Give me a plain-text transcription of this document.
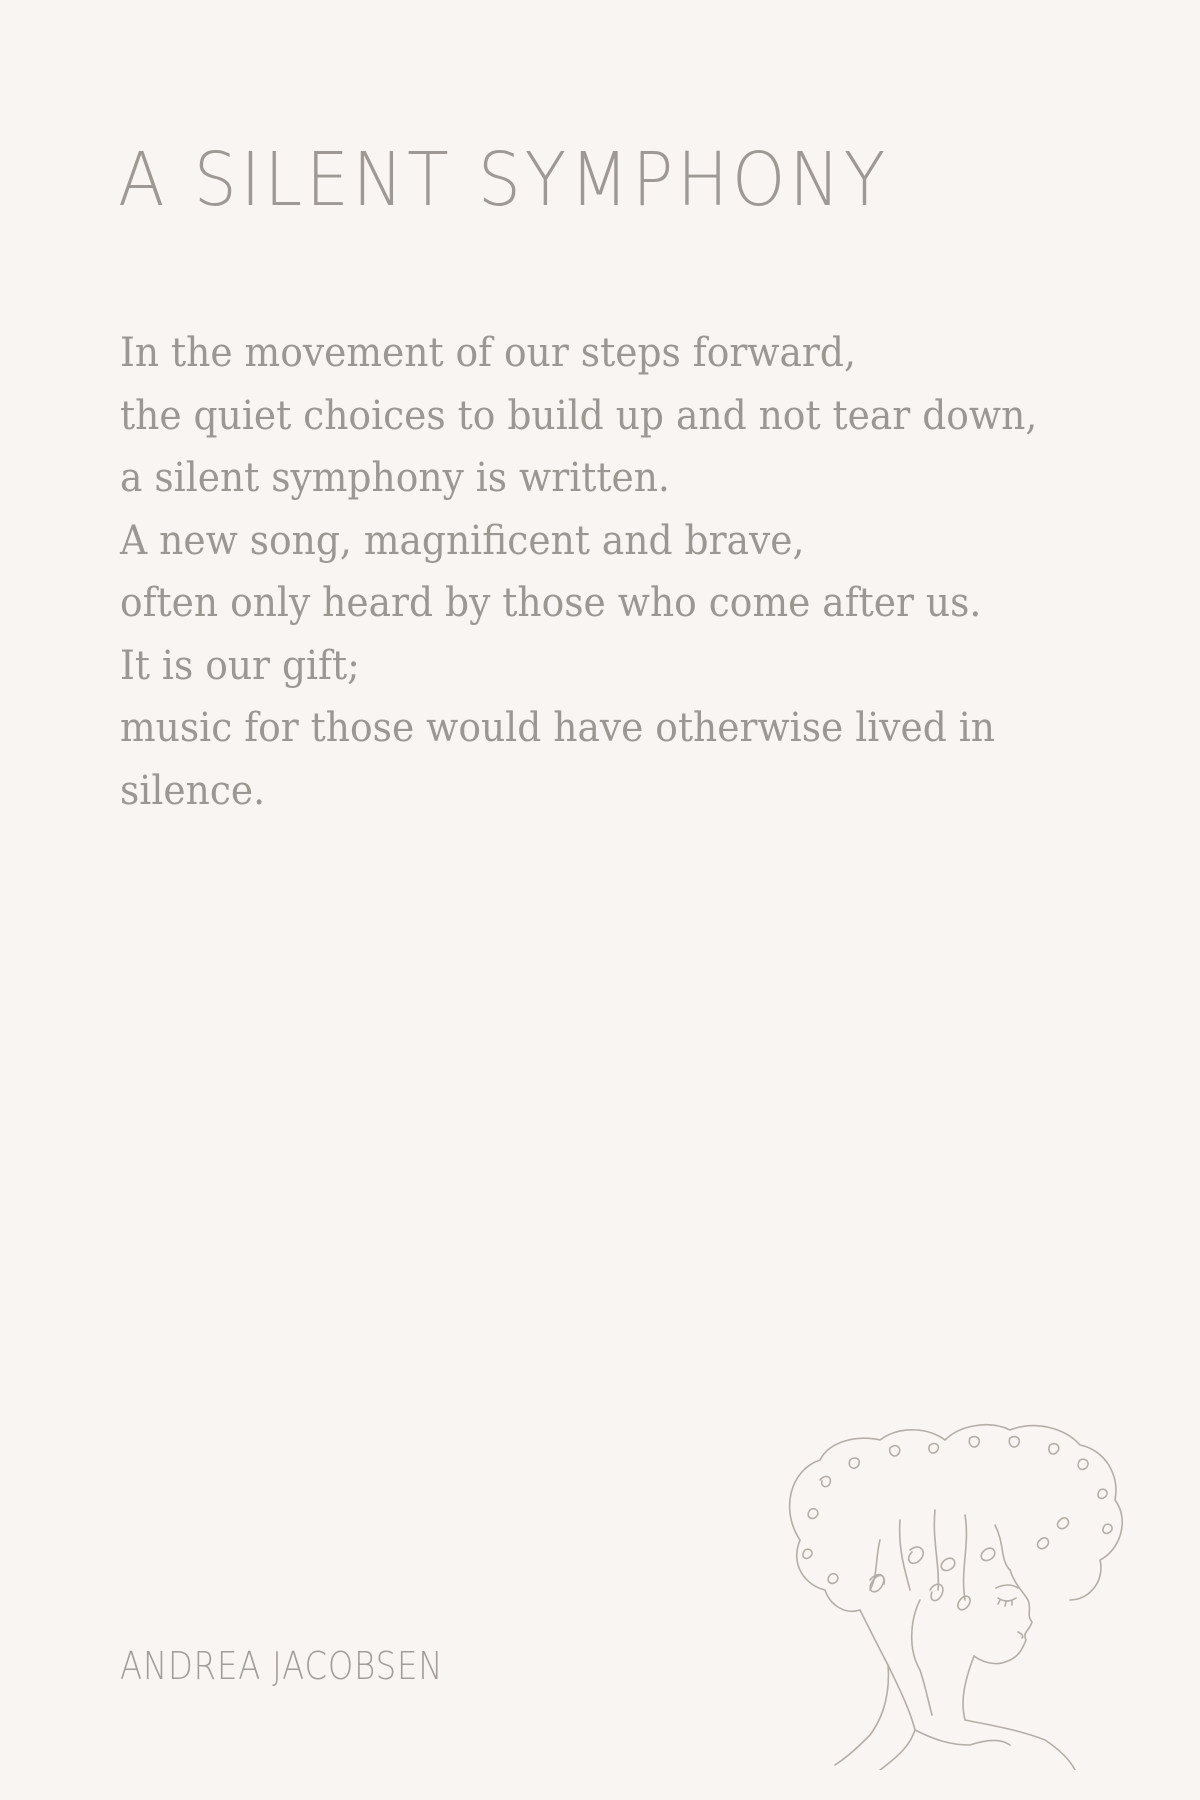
A SILENT SYMPHONY
In the movement of our steps forward,
the quiet choices to build up and not tear down,
a silent symphony is written.
A new song, magnificent and brave,
often only heard by those who come after us.
It is our gift;
music for those would have otherwise lived in
silence.
ANDREA JACOBSEN
